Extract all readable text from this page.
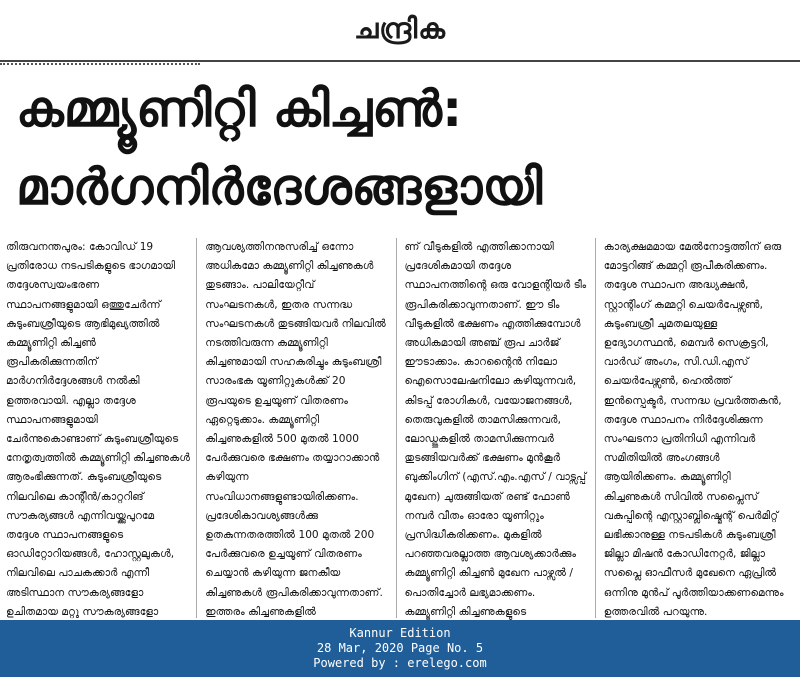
ചന്ദ്രിക
കമ്മ്യൂണിറ്റി കിച്ചൺ:
മാർഗനിർദേശങ്ങളായി

തിരുവനന്തപുരം: കോവിഡ് 19 പ്രതിരോധ നടപടികളുടെ ഭാഗമായി തദ്ദേശസ്വയംഭരണ സ്ഥാപനങ്ങളുമായി ഒത്തുചേർന്ന് കുടുംബശ്രീയുടെ ആഭിമുഖ്യത്തിൽ കമ്മ്യൂണിറ്റി കിച്ചൺ രൂപികരിക്കുന്നതിന് മാർഗനിർദ്ദേശങ്ങൾ നൽകി ഉത്തരവായി. എല്ലാ തദ്ദേശ സ്ഥാപനങ്ങളുമായി ചേർന്നുകൊണ്ടാണ് കുടുംബശ്രീയുടെ നേതൃത്വത്തിൽ കമ്മ്യൂണിറ്റി കിച്ചണുകൾ ആരംഭിക്കുന്നത്. കുടുംബശ്രീയുടെ നിലവിലെ കാന്റീൻ/കാറ്ററിങ് സൗകര്യങ്ങൾ എന്നിവയ്ക്കുപുറമേ തദ്ദേശ സ്ഥാപനങ്ങളുടെ ഓഡിറ്റോറിയങ്ങൾ, ഹോസ്റ്റലുകൾ, നിലവിലെ പാചകക്കാർ എന്നീ അടിസ്ഥാന സൗകര്യങ്ങളോ ഉചിതമായ മറ്റു സൗകര്യങ്ങളോ

ആവശ്യത്തിനനുസരിച്ച് ഒന്നോ അധികമോ കമ്മ്യൂണിറ്റി കിച്ചണുകൾ തുടങ്ങാം. പാലിയേറ്റീവ് സംഘടനകൾ, ഇതര സന്നദ്ധ സംഘടനകൾ തുടങ്ങിയവർ നിലവിൽ നടത്തിവരുന്ന കമ്മ്യൂണിറ്റി കിച്ചണുമായി സഹകരിച്ചും കുടുംബശ്രീ സാരംഭക യൂണിറ്റുകൾക്ക് 20 രൂപയുടെ ഉച്ചയൂണ് വിതരണം ഏറ്റെടുക്കാം. കമ്മ്യൂണിറ്റി കിച്ചണുകളിൽ 500 മുതൽ 1000 പേർക്കുവരെ ഭക്ഷണം തയ്യാറാക്കാൻ കഴിയുന്ന സംവിധാനങ്ങളുണ്ടായിരിക്കണം. പ്രദേശികാവശ്യങ്ങൾക്കു ഉതകുന്നതരത്തിൽ 100 മുതൽ 200 പേർക്കുവരെ ഉച്ചയൂണ് വിതരണം ചെയ്യാൻ കഴിയുന്ന ജനകീയ കിച്ചണുകൾ രൂപികരിക്കാവുന്നതാണ്. ഇത്തരം കിച്ചണുകളിൽ

ണ് വീടുകളിൽ എത്തിക്കാനായി പ്രദേശികമായി തദ്ദേശ സ്ഥാപനത്തിന്റെ ഒരു വോളന്റിയർ ടീം രൂപികരിക്കാവുന്നതാണ്. ഈ ടീം വീടുകളിൽ ഭക്ഷണം എത്തിക്കുമ്പോൾ അധികമായി അഞ്ച് രൂപ ചാർജ് ഈടാക്കാം. കാറന്റൈൻ നിലോ ഐസൊലേഷനിലോ കഴിയുന്നവർ, കിടപ്പ് രോഗികൾ, വയോജനങ്ങൾ, തെരുവുകളിൽ താമസിക്കുന്നവർ, ലോഡ്ജുകളിൽ താമസിക്കുന്നവർ തുടങ്ങിയവർക്ക് ഭക്ഷണം മുൻകൂർ ബുക്കിംഗിന് (എസ്.എം.എസ് / വാട്സപ്പ് മുഖേന) ചുരുങ്ങിയത് രണ്ട് ഫോൺ നമ്പർ വീതം ഓരോ യൂണിറ്റും പ്രസിദ്ധീകരിക്കണം. മുകളിൽ പറഞ്ഞവരല്ലാത്ത ആവശ്യക്കാർക്കും കമ്മ്യൂണിറ്റി കിച്ചൺ മുഖേന പാഴ്സൽ / പൊതിച്ചോർ ലഭ്യമാക്കണം. കമ്മ്യൂണിറ്റി കിച്ചണുകളുടെ

കാര്യക്ഷമമായ മേൽനോട്ടത്തിന് ഒരു മോട്ടറിങ്ങ് കമ്മറ്റി രൂപീകരിക്കണം. തദ്ദേശ സ്ഥാപന അദ്ധ്യക്ഷൻ, സ്റ്റാന്റിംഗ് കമ്മറ്റി ചെയർപേഴ്സൺ, കുടുംബശ്രീ ചുമതലയുള്ള ഉദ്യോഗസ്ഥൻ, മെമ്പർ സെക്രട്ടറി, വാർഡ് അംഗം, സി.ഡി.എസ് ചെയർപേഴ്സൺ, ഹെൽത്ത് ഇൻസ്പെക്ടർ, സന്നദ്ധ പ്രവർത്തകൻ, തദ്ദേശ സ്ഥാപനം നിർദ്ദേശിക്കുന്ന സംഘടനാ പ്രതിനിധി എന്നിവർ സമിതിയിൽ അംഗങ്ങൾ ആയിരിക്കണം. കമ്മ്യൂണിറ്റി കിച്ചണുകൾ സിവിൽ സപ്ലൈസ് വകുപ്പിന്റെ എസ്റ്റാബ്ലിഷ്മെന്റ് പെർമിറ്റ് ലഭിക്കാനുള്ള നടപടികൾ കുടുംബശ്രീ ജില്ലാ മിഷൻ കോഡിനേറ്റർ, ജില്ലാ സപ്ലൈ ഓഫീസർ മുഖേനെ ഏപ്രിൽ ഒന്നിനു മുൻപ് പൂർത്തിയാക്കണമെന്നും ഉത്തരവിൽ പറയുന്നു.

Kannur Edition
28 Mar, 2020 Page No. 5
Powered by : erelego.com
